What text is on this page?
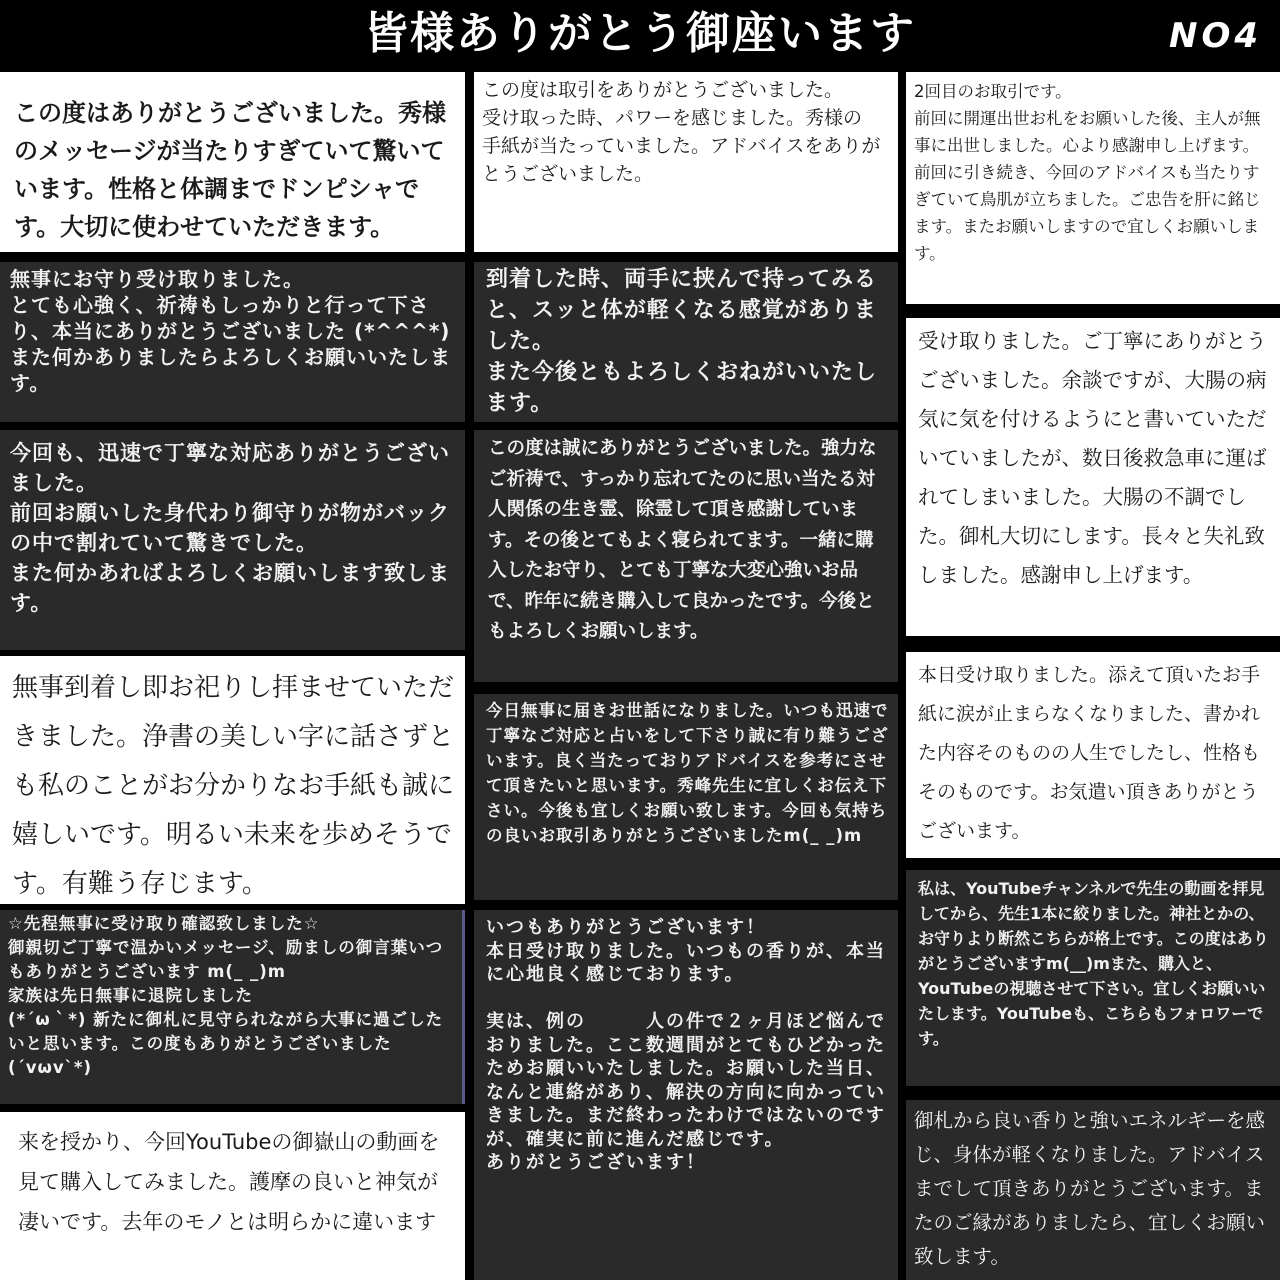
皆様ありがとう御座います	NO4

この度はありがとうございました。秀様のメッセージが当たりすぎていて驚いています。性格と体調までドンピシャです。大切に使わせていただきます。

無事にお守り受け取りました。
とても心強く、祈祷もしっかりと行って下さり、本当にありがとうございました (*^^^*)
また何かありましたらよろしくお願いいたします。

今回も、迅速で丁寧な対応ありがとうございました。
前回お願いした身代わり御守りが物がバックの中で割れていて驚きでした。
また何かあればよろしくお願いします致します。

無事到着し即お祀りし拝ませていただきました。浄書の美しい字に話さずとも私のことがお分かりなお手紙も誠に嬉しいです。明るい未来を歩めそうです。有難う存じます。

☆先程無事に受け取り確認致しました☆
御親切ご丁寧で温かいメッセージ、励ましの御言葉いつもありがとうございます m(_ _)m
家族は先日無事に退院しました
(*´ω｀*) 新たに御札に見守られながら大事に過ごしたいと思います。この度もありがとうございました (´vωv`*)

来を授かり、今回YouTubeの御嶽山の動画を見て購入してみました。護摩の良いと神気が凄いです。去年のモノとは明らかに違います

この度は取引をありがとうございました。
受け取った時、パワーを感じました。秀様の
手紙が当たっていました。アドバイスをありがとうございました。

到着した時、両手に挟んで持ってみると、スッと体が軽くなる感覚がありました。
また今後ともよろしくおねがいいたします。

この度は誠にありがとうございました。強力なご祈祷で、すっかり忘れてたのに思い当たる対人関係の生き霊、除霊して頂き感謝しています。その後とてもよく寝られてます。一緒に購入したお守り、とても丁寧な大変心強いお品で、昨年に続き購入して良かったです。今後ともよろしくお願いします。

今日無事に届きお世話になりました。いつも迅速で丁寧なご対応と占いをして下さり誠に有り難うございます。良く当たっておりアドバイスを参考にさせて頂きたいと思います。秀峰先生に宜しくお伝え下さい。今後も宜しくお願い致します。今回も気持ちの良いお取引ありがとうございましたm(_ _)m

いつもありがとうございます！
本日受け取りました。いつもの香りが、本当に心地良く感じております。

実は、例の　　　人の件で２ヶ月ほど悩んでおりました。ここ数週間がとてもひどかったためお願いいたしました。お願いした当日、なんと連絡があり、解決の方向に向かっていきました。まだ終わったわけではないのですが、確実に前に進んだ感じです。
ありがとうございます！

2回目のお取引です。
前回に開運出世お札をお願いした後、主人が無事に出世しました。心より感謝申し上げます。
前回に引き続き、今回のアドバイスも当たりすぎていて鳥肌が立ちました。ご忠告を肝に銘じます。またお願いしますので宜しくお願いします。

受け取りました。ご丁寧にありがとうございました。余談ですが、大腸の病気に気を付けるようにと書いていただいていましたが、数日後救急車に運ばれてしまいました。大腸の不調でした。御札大切にします。長々と失礼致しました。感謝申し上げます。

本日受け取りました。添えて頂いたお手紙に涙が止まらなくなりました、書かれた内容そのものの人生でしたし、性格もそのものです。お気遣い頂きありがとうございます。

私は、YouTubeチャンネルで先生の動画を拝見してから、先生1本に絞りました。神社とかの、お守りより断然こちらが格上です。この度はありがとうございますm(__)mまた、購入と、YouTubeの視聴させて下さい。宜しくお願いいたします。YouTubeも、こちらもフォロワーです。

御札から良い香りと強いエネルギーを感じ、身体が軽くなりました。アドバイスまでして頂きありがとうございます。またのご縁がありましたら、宜しくお願い致します。
